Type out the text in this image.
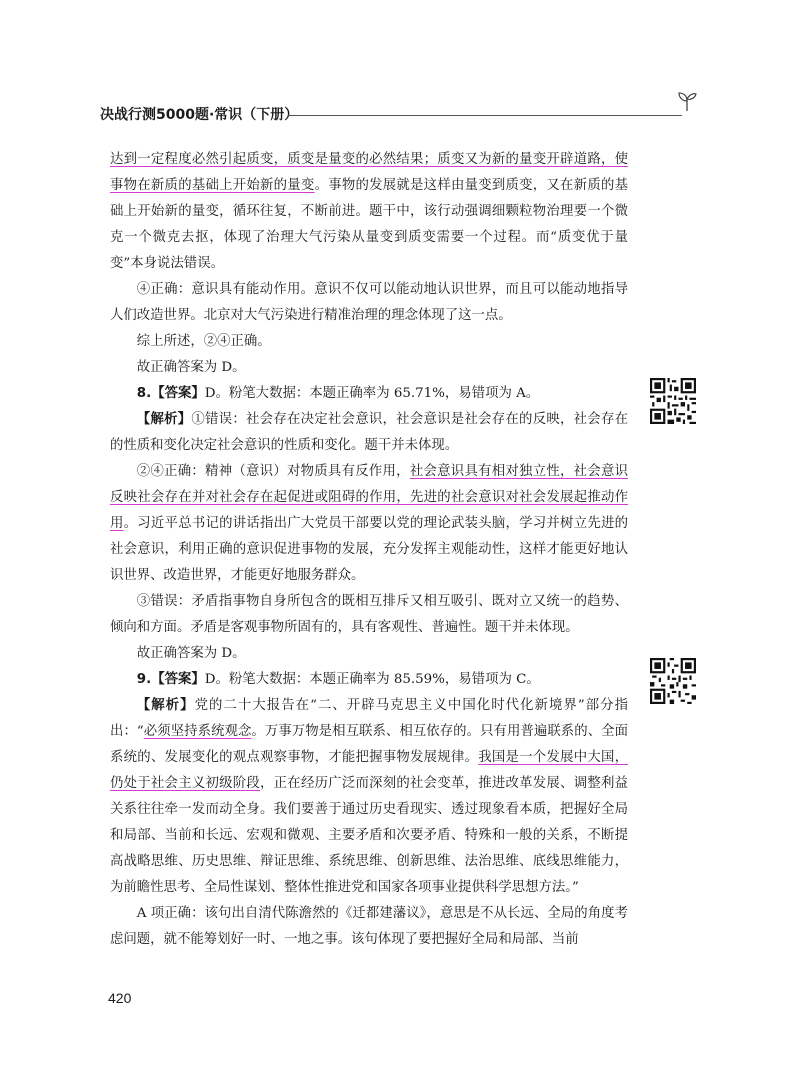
决战行测5000题·常识（下册）

达到一定程度必然引起质变，质变是量变的必然结果；质变又为新的量变开辟道路，使事物在新质的基础上开始新的量变。事物的发展就是这样由量变到质变，又在新质的基础上开始新的量变，循环往复，不断前进。题干中，该行动强调细颗粒物治理要一个微克一个微克去抠，体现了治理大气污染从量变到质变需要一个过程。而“质变优于量变”本身说法错误。

④正确：意识具有能动作用。意识不仅可以能动地认识世界，而且可以能动地指导人们改造世界。北京对大气污染进行精准治理的理念体现了这一点。

综上所述，②④正确。

故正确答案为 D。

8.【答案】D。粉笔大数据：本题正确率为 65.71%，易错项为 A。

【解析】①错误：社会存在决定社会意识，社会意识是社会存在的反映，社会存在的性质和变化决定社会意识的性质和变化。题干并未体现。

②④正确：精神（意识）对物质具有反作用，社会意识具有相对独立性，社会意识反映社会存在并对社会存在起促进或阻碍的作用，先进的社会意识对社会发展起推动作用。习近平总书记的讲话指出广大党员干部要以党的理论武装头脑，学习并树立先进的社会意识，利用正确的意识促进事物的发展，充分发挥主观能动性，这样才能更好地认识世界、改造世界，才能更好地服务群众。

③错误：矛盾指事物自身所包含的既相互排斥又相互吸引、既对立又统一的趋势、倾向和方面。矛盾是客观事物所固有的，具有客观性、普遍性。题干并未体现。

故正确答案为 D。

9.【答案】D。粉笔大数据：本题正确率为 85.59%，易错项为 C。

【解析】党的二十大报告在“二、开辟马克思主义中国化时代化新境界”部分指出：“必须坚持系统观念。万事万物是相互联系、相互依存的。只有用普遍联系的、全面系统的、发展变化的观点观察事物，才能把握事物发展规律。我国是一个发展中大国，仍处于社会主义初级阶段，正在经历广泛而深刻的社会变革，推进改革发展、调整利益关系往往牵一发而动全身。我们要善于通过历史看现实、透过现象看本质，把握好全局和局部、当前和长远、宏观和微观、主要矛盾和次要矛盾、特殊和一般的关系，不断提高战略思维、历史思维、辩证思维、系统思维、创新思维、法治思维、底线思维能力，为前瞻性思考、全局性谋划、整体性推进党和国家各项事业提供科学思想方法。”

A 项正确：该句出自清代陈澹然的《迁都建藩议》，意思是不从长远、全局的角度考虑问题，就不能筹划好一时、一地之事。该句体现了要把握好全局和局部、当前

420
